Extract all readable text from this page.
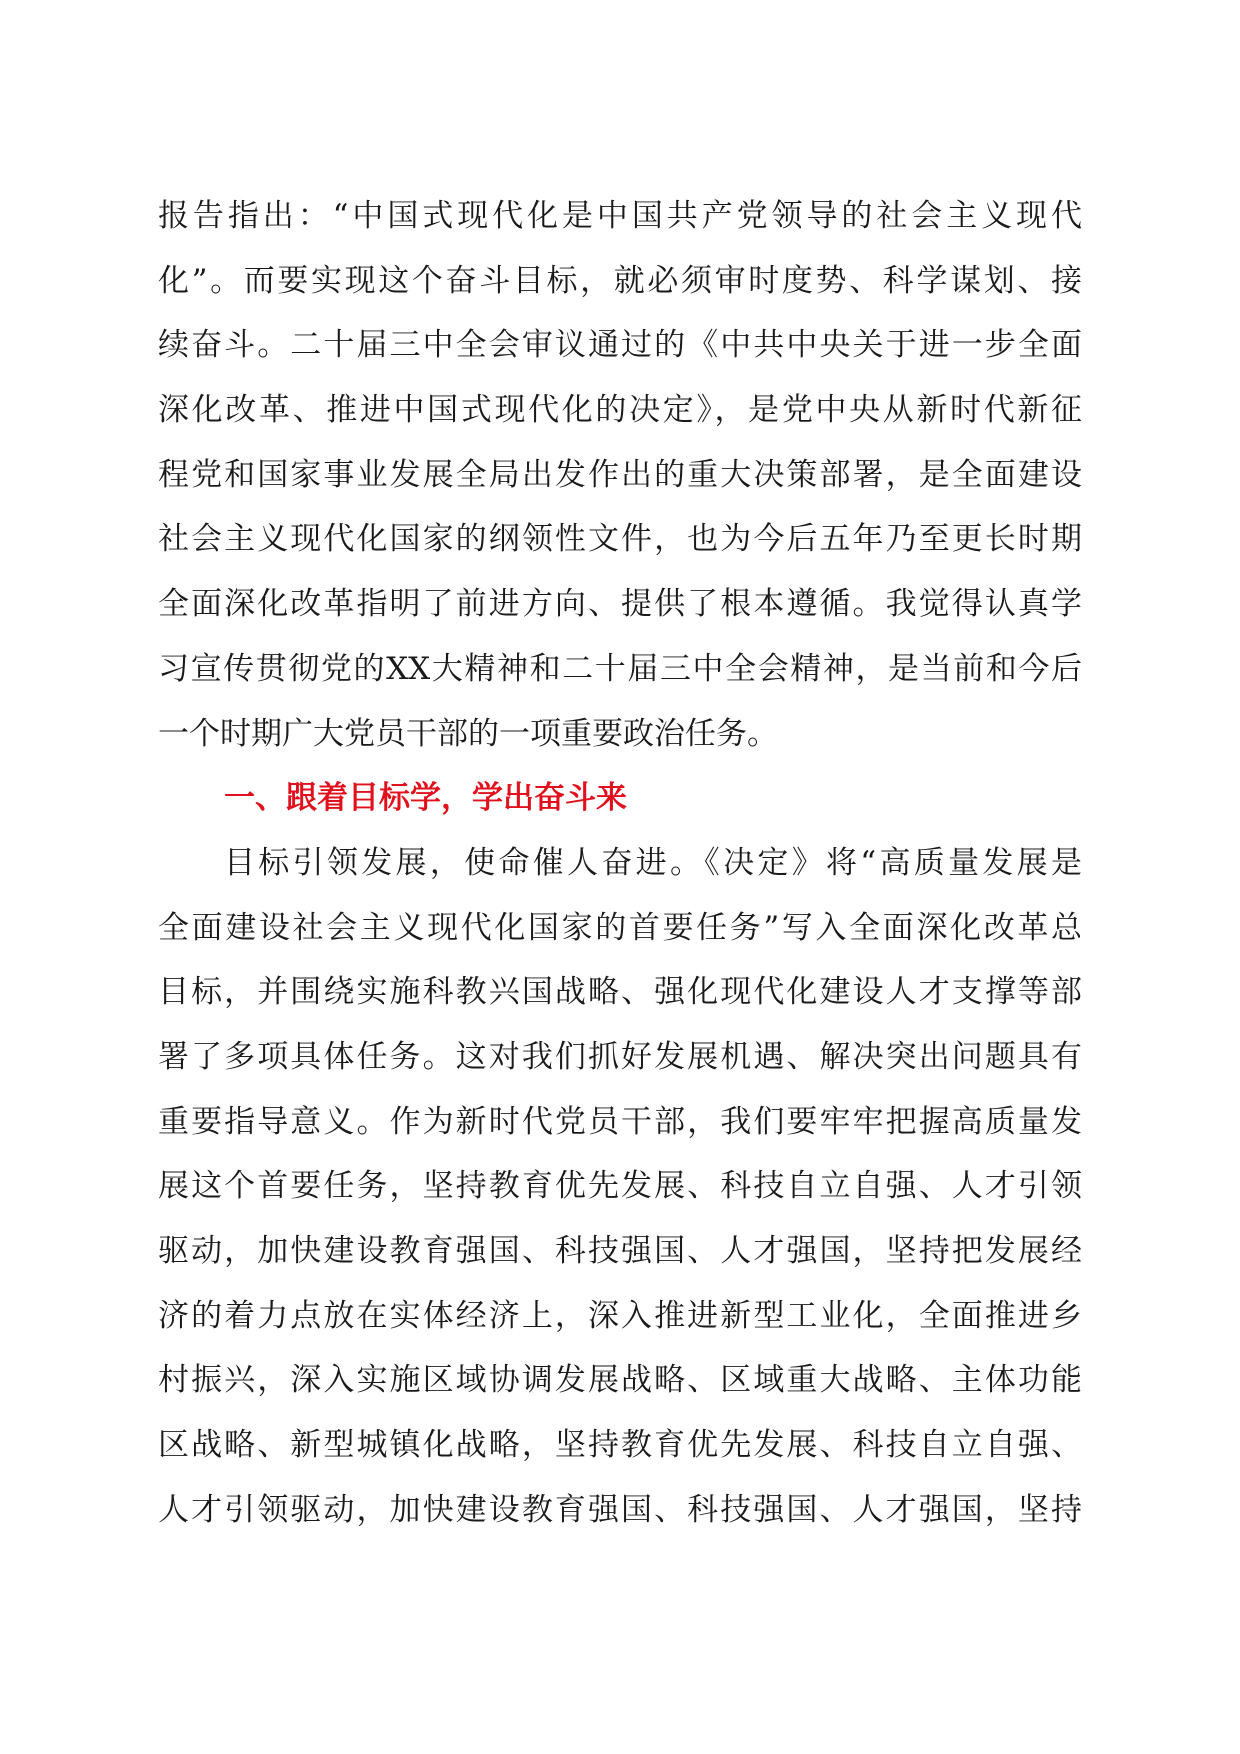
报告指出：“中国式现代化是中国共产党领导的社会主义现代
化”。而要实现这个奋斗目标，就必须审时度势、科学谋划、接
续奋斗。二十届三中全会审议通过的《中共中央关于进一步全面
深化改革、推进中国式现代化的决定》，是党中央从新时代新征
程党和国家事业发展全局出发作出的重大决策部署，是全面建设
社会主义现代化国家的纲领性文件，也为今后五年乃至更长时期
全面深化改革指明了前进方向、提供了根本遵循。我觉得认真学
习宣传贯彻党的XX大精神和二十届三中全会精神，是当前和今后
一个时期广大党员干部的一项重要政治任务。
一、跟着目标学，学出奋斗来
目标引领发展，使命催人奋进。《决定》将“高质量发展是
全面建设社会主义现代化国家的首要任务”写入全面深化改革总
目标，并围绕实施科教兴国战略、强化现代化建设人才支撑等部
署了多项具体任务。这对我们抓好发展机遇、解决突出问题具有
重要指导意义。作为新时代党员干部，我们要牢牢把握高质量发
展这个首要任务，坚持教育优先发展、科技自立自强、人才引领
驱动，加快建设教育强国、科技强国、人才强国，坚持把发展经
济的着力点放在实体经济上，深入推进新型工业化，全面推进乡
村振兴，深入实施区域协调发展战略、区域重大战略、主体功能
区战略、新型城镇化战略，坚持教育优先发展、科技自立自强、
人才引领驱动，加快建设教育强国、科技强国、人才强国，坚持
